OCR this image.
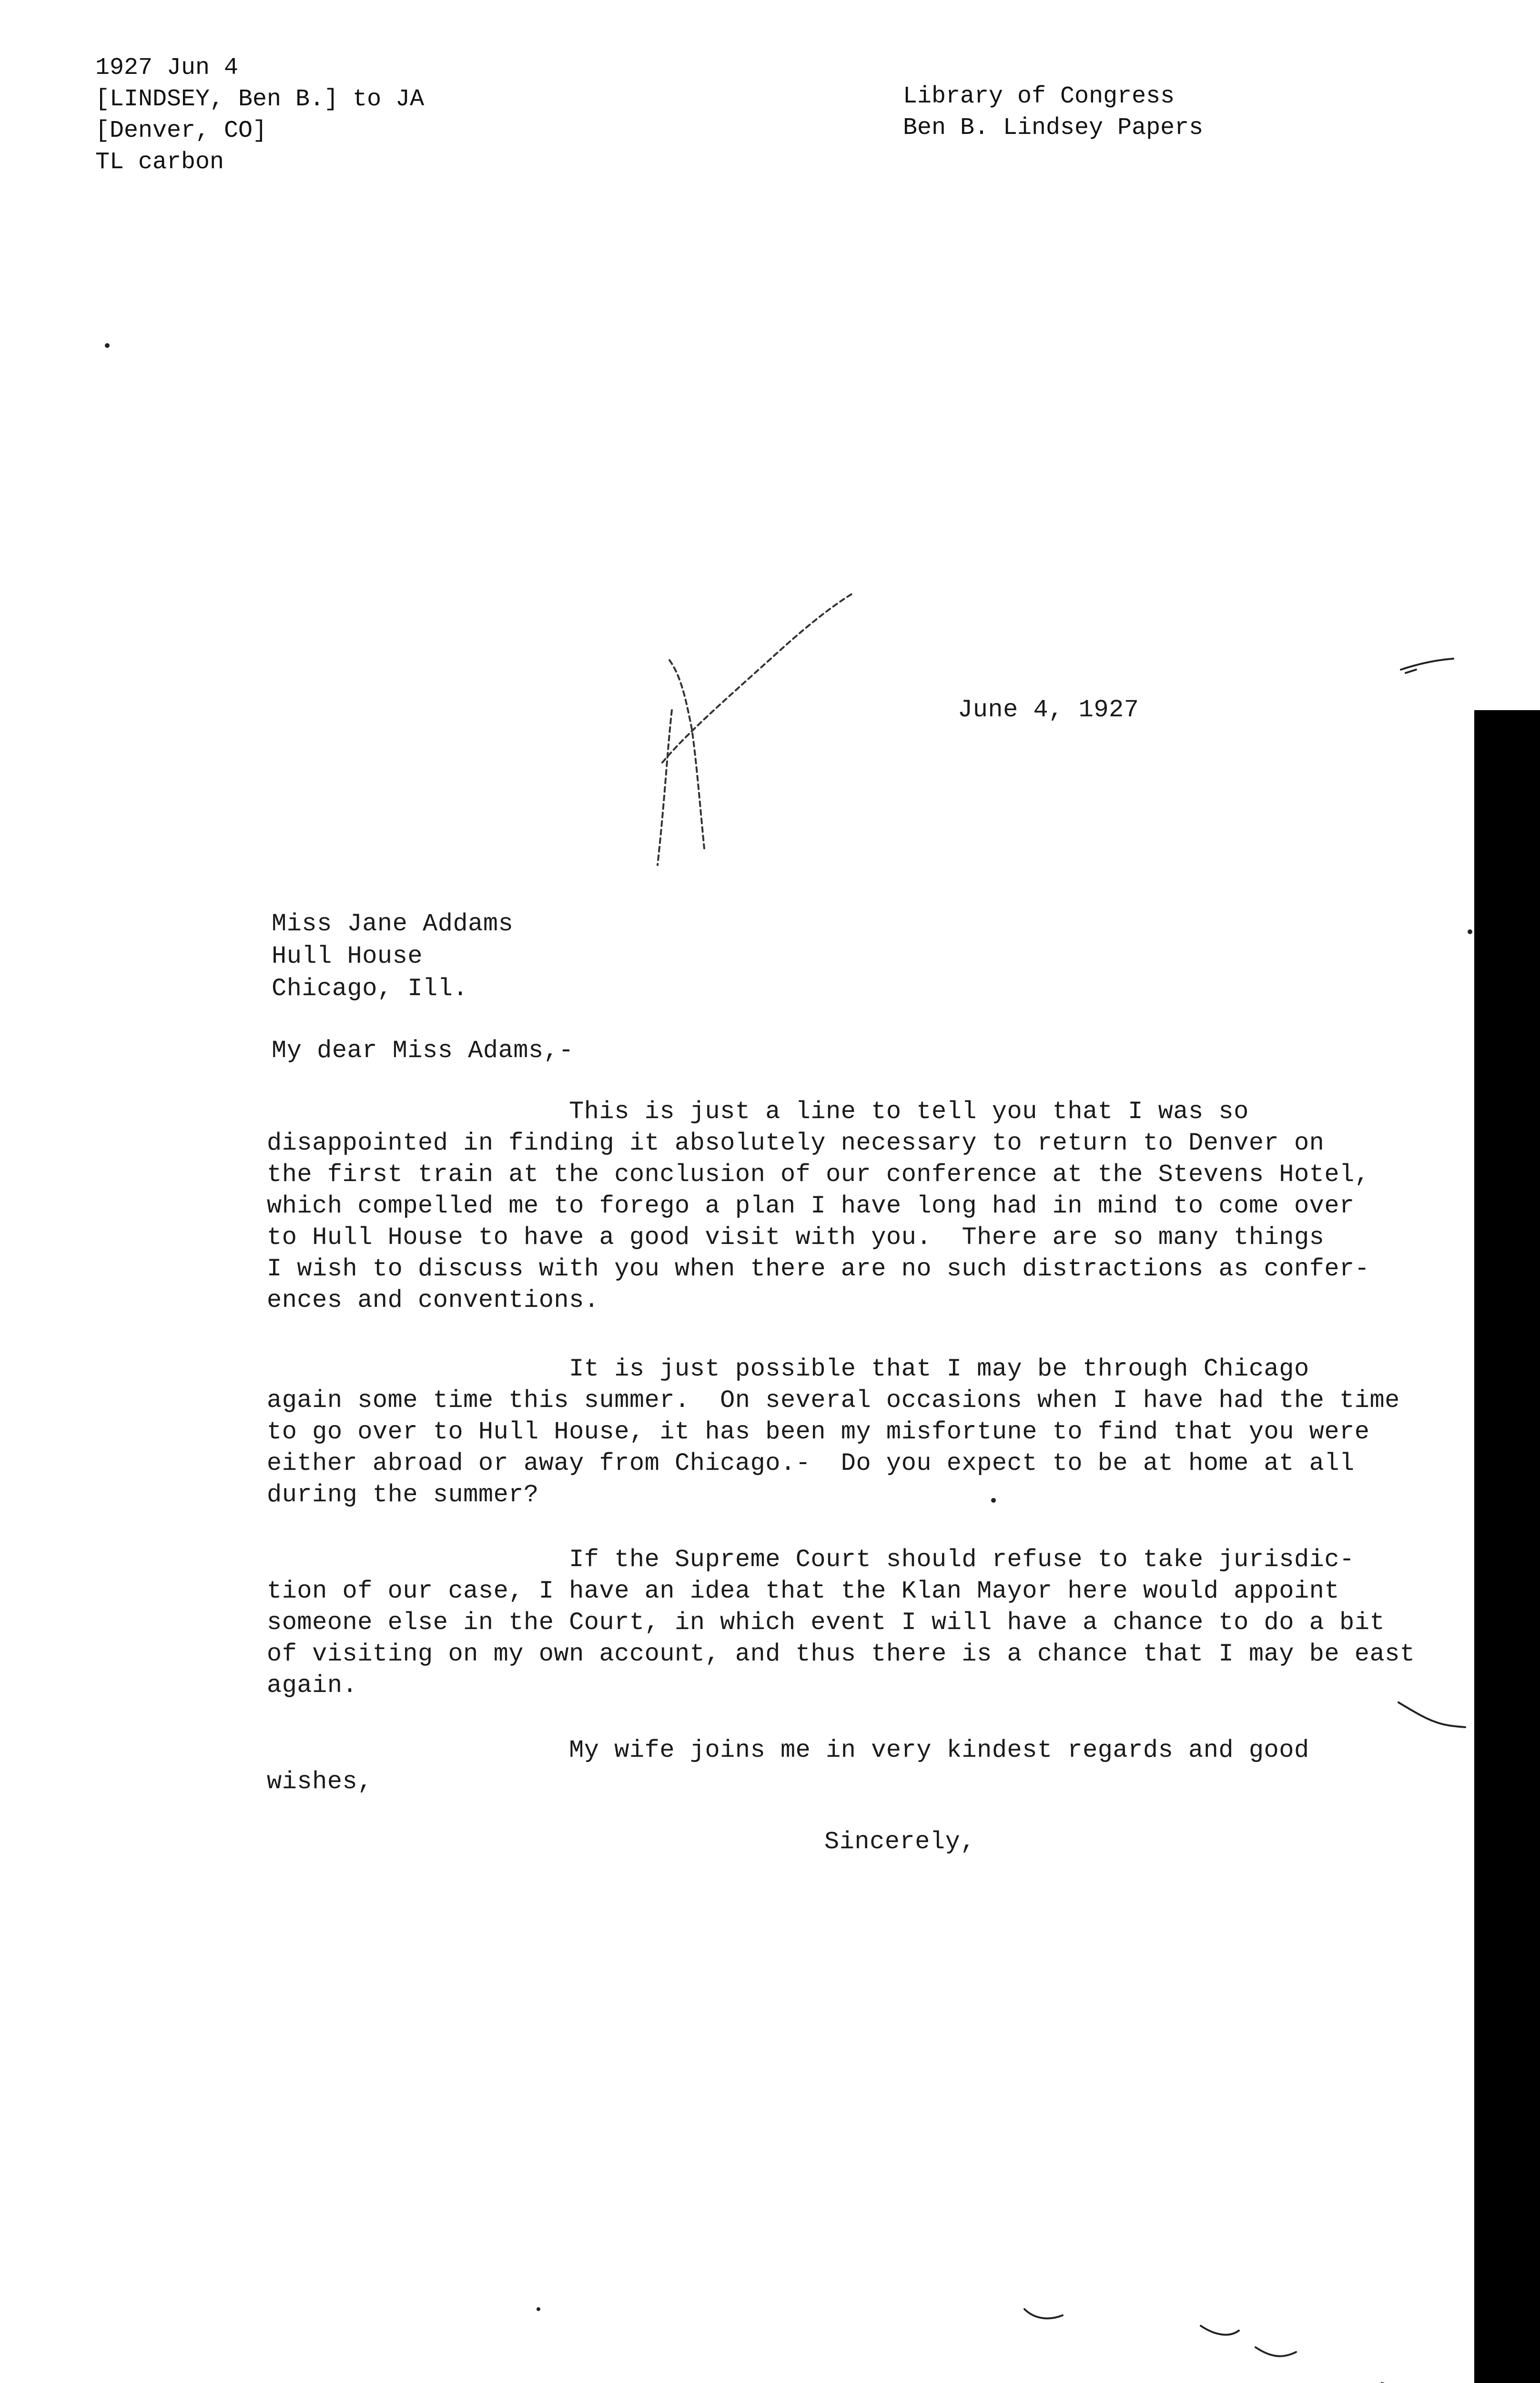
1927 Jun 4
[LINDSEY, Ben B.] to JA
[Denver, CO]
TL carbon
Library of Congress
Ben B. Lindsey Papers
June 4, 1927
Miss Jane Addams
Hull House
Chicago, Ill.
My dear Miss Adams,-
This is just a line to tell you that I was so
disappointed in finding it absolutely necessary to return to Denver on
the first train at the conclusion of our conference at the Stevens Hotel,
which compelled me to forego a plan I have long had in mind to come over
to Hull House to have a good visit with you.  There are so many things
I wish to discuss with you when there are no such distractions as confer-
ences and conventions.
It is just possible that I may be through Chicago
again some time this summer.  On several occasions when I have had the time
to go over to Hull House, it has been my misfortune to find that you were
either abroad or away from Chicago.-  Do you expect to be at home at all
during the summer?
If the Supreme Court should refuse to take jurisdic-
tion of our case, I have an idea that the Klan Mayor here would appoint
someone else in the Court, in which event I will have a chance to do a bit
of visiting on my own account, and thus there is a chance that I may be east
again.
My wife joins me in very kindest regards and good
wishes,
Sincerely,
